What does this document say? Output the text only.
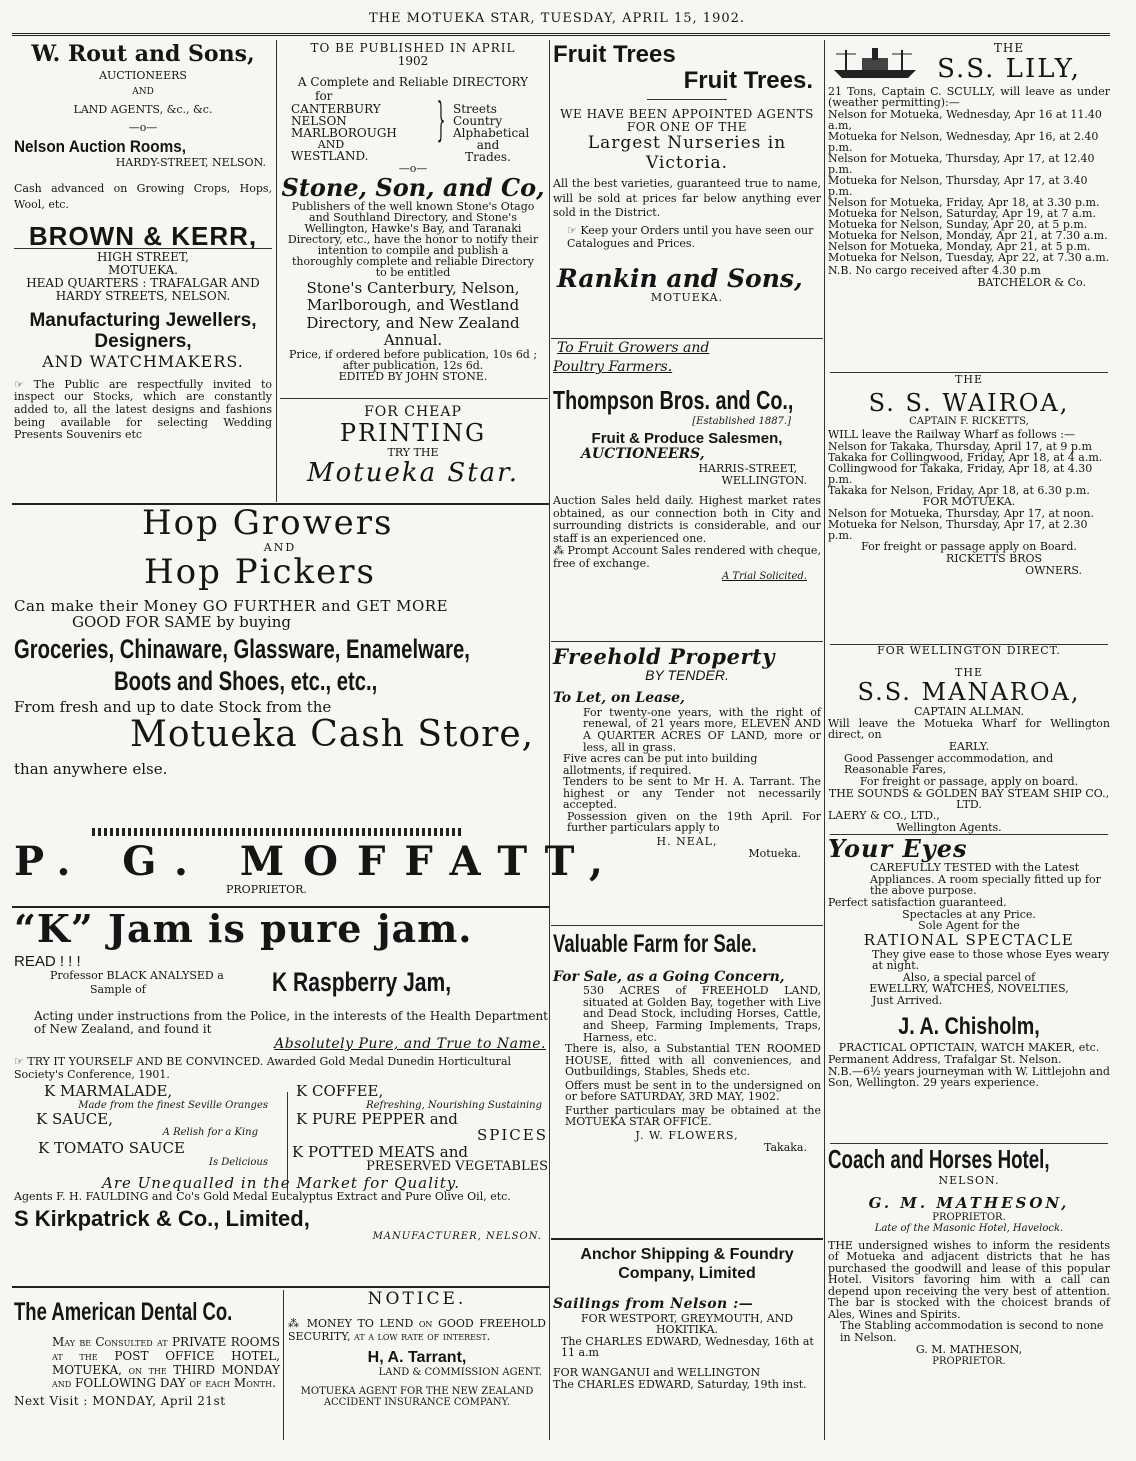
THE MOTUEKA STAR, TUESDAY, APRIL 15, 1902.
W. Rout and Sons,
AUCTIONEERS
AND
LAND AGENTS, &c., &c.
—o—
Nelson Auction Rooms,
HARDY-STREET, NELSON.
Cash advanced on Growing Crops, Hops, Wool, etc.
BROWN & KERR,
HIGH STREET,
MOTUEKA.
HEAD QUARTERS : TRAFALGAR AND
HARDY STREETS, NELSON.
Manufacturing Jewellers,
Designers,
AND WATCHMAKERS.
☞ The Public are respectfully invited to inspect our Stocks, which are constantly added to, all the latest designs and fashions being available for selecting Wedding Presents Souvenirs etc
TO BE PUBLISHED IN APRIL
1902
A Complete and Reliable DIRECTORY
for
CANTERBURY
NELSON
MARLBOROUGH
AND
WESTLAND.
} Streets
Country
Alphabetical
and
Trades.
—o—
Stone, Son, and Co,
Publishers of the well known Stone's Otago and Southland Directory, and Stone's Wellington, Hawke's Bay, and Taranaki Directory, etc., have the honor to notify their intention to compile and publish a thoroughly complete and reliable Directory to be entitled
Stone's Canterbury, Nelson, Marlborough, and Westland Directory, and New Zealand Annual.
Price, if ordered before publication, 10s 6d ; after publication, 12s 6d.
EDITED BY JOHN STONE.
FOR CHEAP
PRINTING
TRY THE
Motueka Star.
Hop Growers
AND
Hop Pickers
Can make their Money GO FURTHER and GET MORE
GOOD FOR SAME by buying
Groceries, Chinaware, Glassware, Enamelware,
Boots and Shoes, etc., etc.,
From fresh and up to date Stock from the
Motueka Cash Store,
than anywhere else.
P. G. MOFFATT,
PROPRIETOR.
“K” Jam is pure jam.
READ ! ! !
Professor BLACK ANALYSED a
Sample of	K Raspberry Jam,
Acting under instructions from the Police, in the interests of the Health Department of New Zealand, and found it
Absolutely Pure, and True to Name.
☞ TRY IT YOURSELF AND BE CONVINCED. Awarded Gold Medal Dunedin Horticultural Society's Conference, 1901.
K MARMALADE,
Made from the finest Seville Oranges
K SAUCE,
A Relish for a King
K TOMATO SAUCE
Is Delicious
K COFFEE,
Refreshing, Nourishing Sustaining
K PURE PEPPER and
SPICES
K POTTED MEATS and
PRESERVED VEGETABLES
Are Unequalled in the Market for Quality.
Agents F. H. FAULDING and Co's Gold Medal Eucalyptus Extract and Pure Olive Oil, etc.
S Kirkpatrick & Co., Limited,
MANUFACTURER, NELSON.
The American Dental Co.
May be Consulted at PRIVATE ROOMS at the POST OFFICE HOTEL, MOTUEKA, on the THIRD MONDAY and FOLLOWING DAY of each Month.
Next Visit : MONDAY, April 21st
NOTICE.
⁂ MONEY TO LEND on GOOD FREEHOLD SECURITY, at a low rate of interest.
H, A. Tarrant,
LAND & COMMISSION AGENT.
MOTUEKA AGENT FOR THE NEW ZEALAND ACCIDENT INSURANCE COMPANY.
Fruit Trees
Fruit Trees.
WE HAVE BEEN APPOINTED AGENTS FOR ONE OF THE
Largest Nurseries in Victoria.
All the best varieties, guaranteed true to name, will be sold at prices far below anything ever sold in the District.
☞ Keep your Orders until you have seen our Catalogues and Prices.
Rankin and Sons,
MOTUEKA.
To Fruit Growers and
Poultry Farmers.
Thompson Bros. and Co.,
[Established 1887.]
Fruit & Produce Salesmen,
AUCTIONEERS,
HARRIS-STREET,
WELLINGTON.
Auction Sales held daily. Highest market rates obtained, as our connection both in City and surrounding districts is considerable, and our staff is an experienced one.
⁂ Prompt Account Sales rendered with cheque, free of exchange.
A Trial Solicited.
Freehold Property
BY TENDER.
To Let, on Lease,
For twenty-one years, with the right of renewal, of 21 years more, ELEVEN AND A QUARTER ACRES OF LAND, more or less, all in grass.
Five acres can be put into building allotments, if required.
Tenders to be sent to Mr H. A. Tarrant. The highest or any Tender not necessarily accepted.
Possession given on the 19th April. For further particulars apply to
H. NEAL,
Motueka.
Valuable Farm for Sale.
For Sale, as a Going Concern,
530 ACRES of FREEHOLD LAND, situated at Golden Bay, together with Live and Dead Stock, including Horses, Cattle, and Sheep, Farming Implements, Traps, Harness, etc.
There is, also, a Substantial TEN ROOMED HOUSE, fitted with all conveniences, and Outbuildings, Stables, Sheds etc.
Offers must be sent in to the undersigned on or before SATURDAY, 3RD MAY, 1902.
Further particulars may be obtained at the MOTUEKA STAR OFFICE.
J. W. FLOWERS,
Takaka.
Anchor Shipping & Foundry Company, Limited
Sailings from Nelson :—
FOR WESTPORT, GREYMOUTH, AND HOKITIKA.
The CHARLES EDWARD, Wednesday, 16th at 11 a.m
FOR WANGANUI and WELLINGTON
The CHARLES EDWARD, Saturday, 19th inst.
THE
S.S. LILY,
21 Tons, Captain C. SCULLY, will leave as under (weather permitting):—
Nelson for Motueka, Wednesday, Apr 16 at 11.40 a.m,
Motueka for Nelson, Wednesday, Apr 16, at 2.40 p.m.
Nelson for Motueka, Thursday, Apr 17, at 12.40 p.m.
Motueka for Nelson, Thursday, Apr 17, at 3.40 p.m.
Nelson for Motueka, Friday, Apr 18, at 3.30 p.m.
Motueka for Nelson, Saturday, Apr 19, at 7 a.m.
Motueka for Nelson, Sunday, Apr 20, at 5 p.m.
Motueka for Nelson, Monday, Apr 21, at 7.30 a.m.
Nelson for Motueka, Monday, Apr 21, at 5 p.m.
Motueka for Nelson, Tuesday, Apr 22, at 7.30 a.m.
N.B. No cargo received after 4.30 p.m
BATCHELOR & Co.
THE
S. S. WAIROA,
CAPTAIN F. RICKETTS,
WILL leave the Railway Wharf as follows :—
Nelson for Takaka, Thursday, April 17, at 9 p.m
Takaka for Collingwood, Friday, Apr 18, at 4 a.m.
Collingwood for Takaka, Friday, Apr 18, at 4.30 p.m.
Takaka for Nelson, Friday, Apr 18, at 6.30 p.m.
FOR MOTUEKA.
Nelson for Motueka, Thursday, Apr 17, at noon.
Motueka for Nelson, Thursday, Apr 17, at 2.30 p.m.
For freight or passage apply on Board.
RICKETTS BROS
OWNERS.
FOR WELLINGTON DIRECT.
THE
S.S. MANAROA,
CAPTAIN ALLMAN.
Will leave the Motueka Wharf for Wellington direct, on
EARLY.
Good Passenger accommodation, and Reasonable Fares,
For freight or passage, apply on board.
THE SOUNDS & GOLDEN BAY STEAM SHIP CO., LTD.
LAERY & CO., LTD.,
Wellington Agents.
Your Eyes
CAREFULLY TESTED with the Latest Appliances. A room specially fitted up for the above purpose.
Perfect satisfaction guaranteed.
Spectacles at any Price.
Sole Agent for the
RATIONAL SPECTACLE
They give ease to those whose Eyes weary at night.
Also, a special parcel of
EWELLRY, WATCHES, NOVELTIES,
Just Arrived.
J. A. Chisholm,
PRACTICAL OPTICTAIN, WATCH MAKER, etc.
Permanent Address, Trafalgar St. Nelson.
N.B.—6½ years journeyman with W. Littlejohn and Son, Wellington. 29 years experience.
Coach and Horses Hotel,
NELSON.
G. M. MATHESON,
PROPRIETOR.
Late of the Masonic Hotel, Havelock.
THE undersigned wishes to inform the residents of Motueka and adjacent districts that he has purchased the goodwill and lease of this popular Hotel. Visitors favoring him with a call can depend upon receiving the very best of attention. The bar is stocked with the choicest brands of Ales, Wines and Spirits.
The Stabling accommodation is second to none in Nelson.
G. M. MATHESON,
PROPRIETOR.
